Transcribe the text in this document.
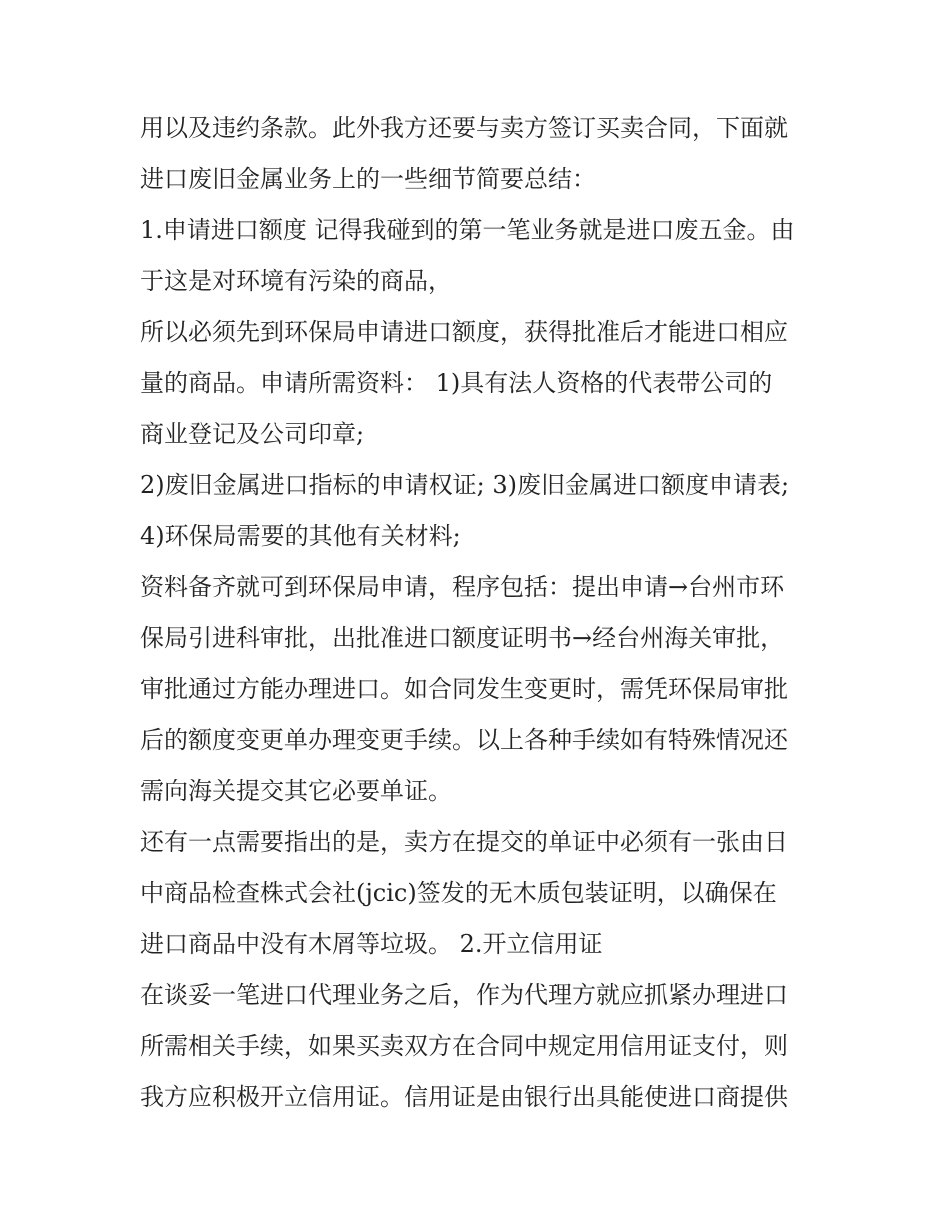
用以及违约条款。此外我方还要与卖方签订买卖合同，下面就
进口废旧金属业务上的一些细节简要总结：
1.申请进口额度 记得我碰到的第一笔业务就是进口废五金。由
于这是对环境有污染的商品，
所以必须先到环保局申请进口额度，获得批准后才能进口相应
量的商品。申请所需资料： 1)具有法人资格的代表带公司的
商业登记及公司印章;
2)废旧金属进口指标的申请权证; 3)废旧金属进口额度申请表;
4)环保局需要的其他有关材料;
资料备齐就可到环保局申请，程序包括：提出申请→台州市环
保局引进科审批，出批准进口额度证明书→经台州海关审批，
审批通过方能办理进口。如合同发生变更时，需凭环保局审批
后的额度变更单办理变更手续。以上各种手续如有特殊情况还
需向海关提交其它必要单证。
还有一点需要指出的是，卖方在提交的单证中必须有一张由日
中商品检查株式会社(jcic)签发的无木质包装证明，以确保在
进口商品中没有木屑等垃圾。 2.开立信用证
在谈妥一笔进口代理业务之后，作为代理方就应抓紧办理进口
所需相关手续，如果买卖双方在合同中规定用信用证支付，则
我方应积极开立信用证。信用证是由银行出具能使进口商提供
